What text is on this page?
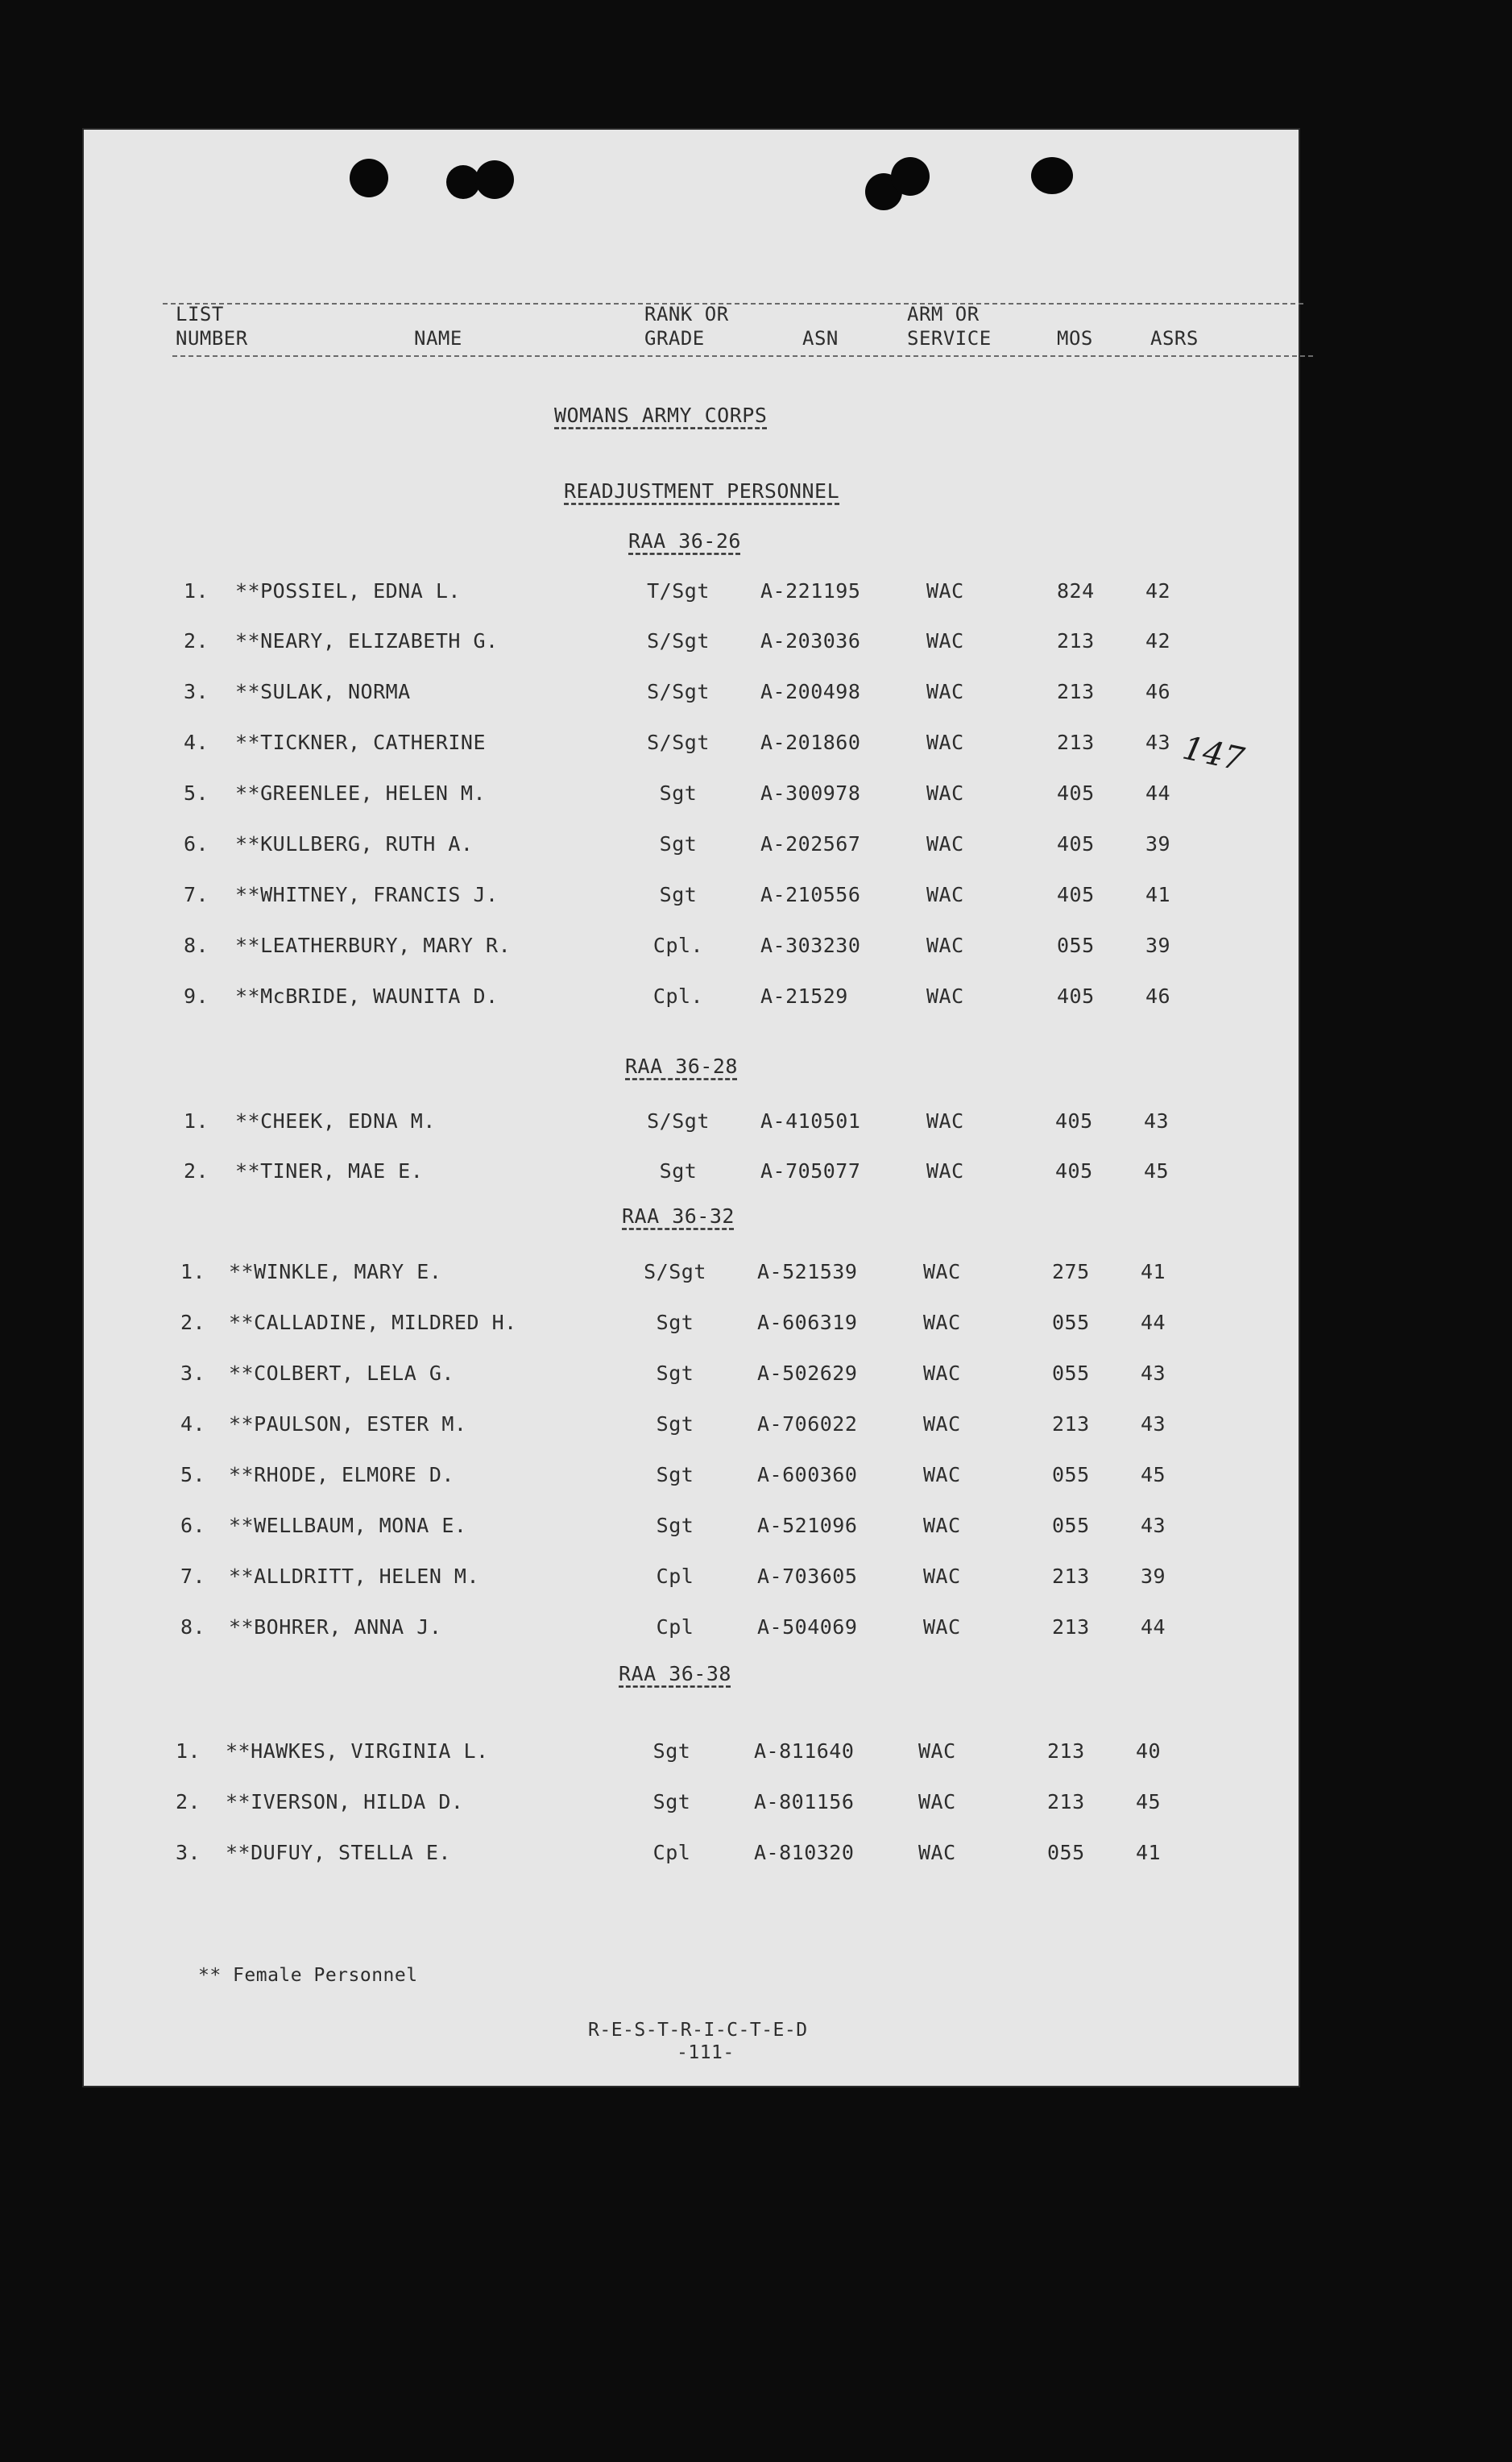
LIST
NUMBER	NAME
RANK OR
GRADE	ASN
ARM OR
SERVICE	MOS	ASRS
WOMANS ARMY CORPS
READJUSTMENT PERSONNEL
147
RAA 36-26
1. **POSSIEL, EDNA L.	T/Sgt	A-221195	WAC	824	42
2. **NEARY, ELIZABETH G.	S/Sgt	A-203036	WAC	213	42
3. **SULAK, NORMA	S/Sgt	A-200498	WAC	213	46
4. **TICKNER, CATHERINE	S/Sgt	A-201860	WAC	213	43
5. **GREENLEE, HELEN M.	Sgt	A-300978	WAC	405	44
6. **KULLBERG, RUTH A.	Sgt	A-202567	WAC	405	39
7. **WHITNEY, FRANCIS J.	Sgt	A-210556	WAC	405	41
8. **LEATHERBURY, MARY R.	Cpl.	A-303230	WAC	055	39
9. **McBRIDE, WAUNITA D.	Cpl.	A-21529	WAC	405	46
RAA 36-28
1. **CHEEK, EDNA M.	S/Sgt	A-410501	WAC	405	43
2. **TINER, MAE E.	Sgt	A-705077	WAC	405	45
RAA 36-32
1. **WINKLE, MARY E.	S/Sgt	A-521539	WAC	275	41
2. **CALLADINE, MILDRED H.	Sgt	A-606319	WAC	055	44
3. **COLBERT, LELA G.	Sgt	A-502629	WAC	055	43
4. **PAULSON, ESTER M.	Sgt	A-706022	WAC	213	43
5. **RHODE, ELMORE D.	Sgt	A-600360	WAC	055	45
6. **WELLBAUM, MONA E.	Sgt	A-521096	WAC	055	43
7. **ALLDRITT, HELEN M.	Cpl	A-703605	WAC	213	39
8. **BOHRER, ANNA J.	Cpl	A-504069	WAC	213	44
RAA 36-38
1. **HAWKES, VIRGINIA L.	Sgt	A-811640	WAC	213	40
2. **IVERSON, HILDA D.	Sgt	A-801156	WAC	213	45
3. **DUFUY, STELLA E.	Cpl	A-810320	WAC	055	41
** Female Personnel
R-E-S-T-R-I-C-T-E-D
-111-
